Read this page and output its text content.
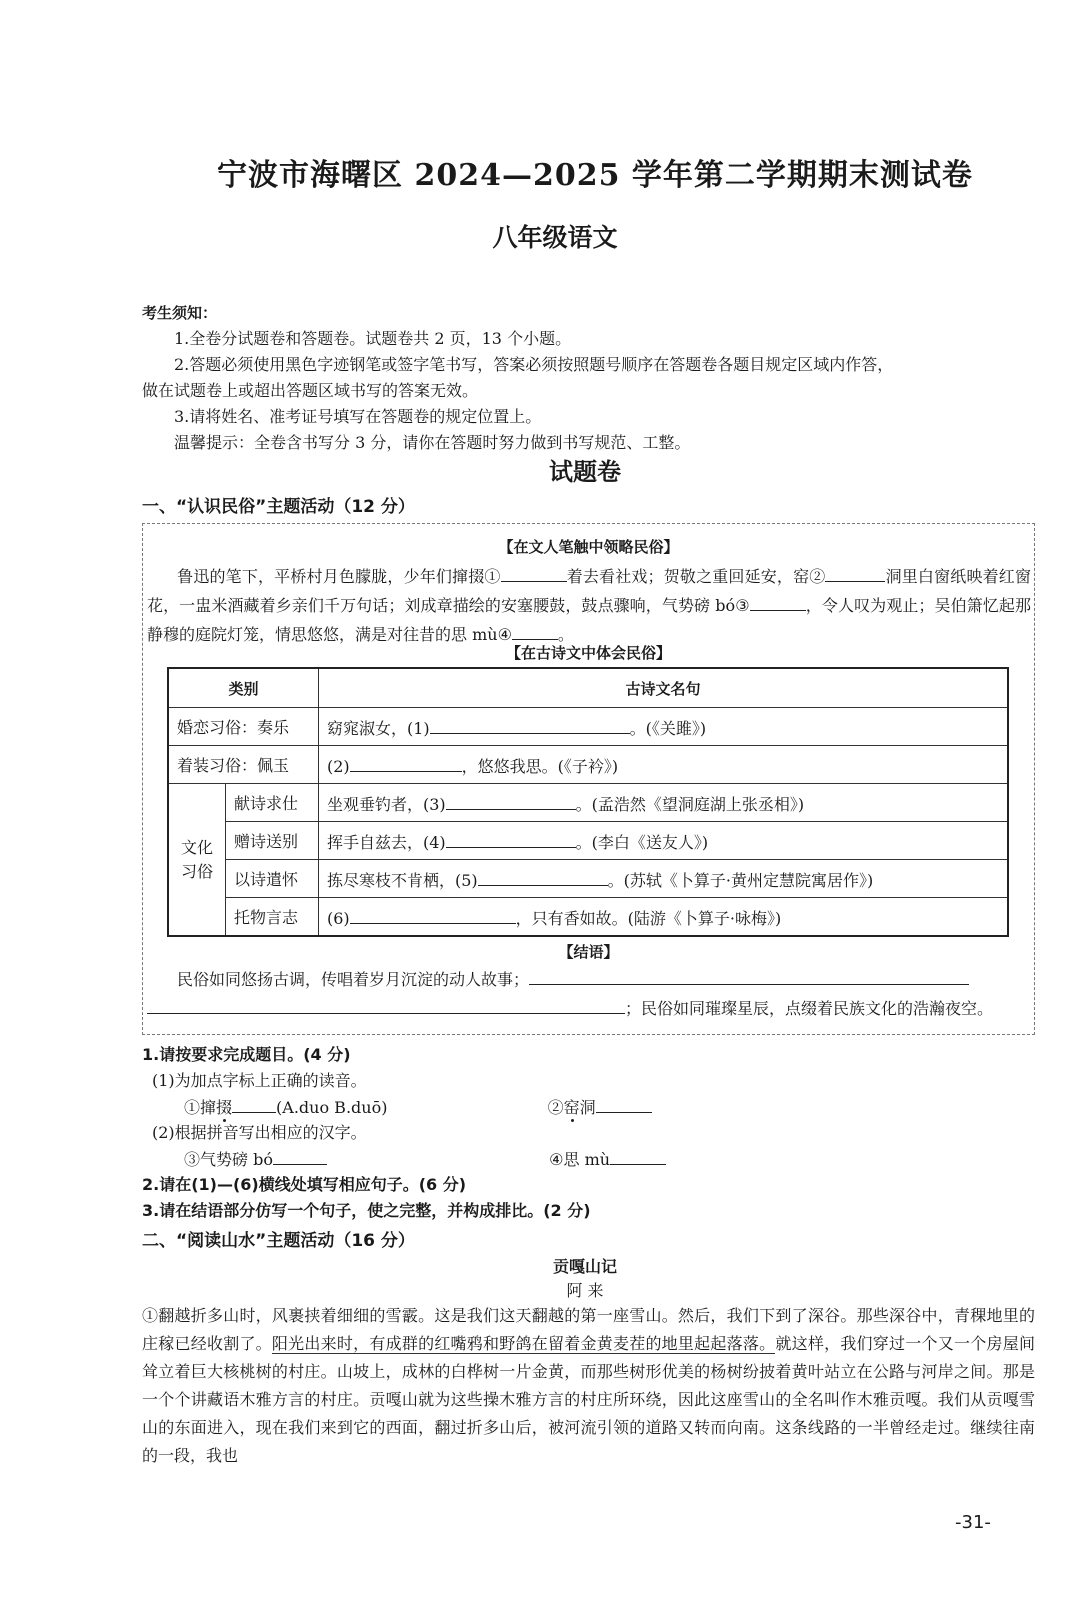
宁波市海曙区 2024—2025 学年第二学期期末测试卷
八年级语文
考生须知：

1.全卷分试题卷和答题卷。试题卷共 2 页，13 个小题。

2.答题必须使用黑色字迹钢笔或签字笔书写，答案必须按照题号顺序在答题卷各题目规定区域内作答，

做在试题卷上或超出答题区域书写的答案无效。

3.请将姓名、准考证号填写在答题卷的规定位置上。

温馨提示：全卷含书写分 3 分，请你在答题时努力做到书写规范、工整。

试题卷
一、“认识民俗”主题活动（12 分）
【在文人笔触中领略民俗】
鲁迅的笔下，平桥村月色朦胧，少年们撺掇①	着去看社戏；贺敬之重回延安，窑②	洞里白窗纸映着红窗花，一盅米酒藏着乡亲们千万句话；刘成章描绘的安塞腰鼓，鼓点骤响，气势磅 bó③	，令人叹为观止；吴伯箫忆起那静穆的庭院灯笼，情思悠悠，满是对往昔的思 mù④	。
【在古诗文中体会民俗】
类别		古诗文名句
婚恋习俗：奏乐		窈窕淑女，(1) 。(《关雎》)
着装习俗：佩玉		(2) ，悠悠我思。(《子衿》)
文化习俗	献诗求仕	坐观垂钓者，(3) 。(孟浩然《望洞庭湖上张丞相》)
	赠诗送别	挥手自兹去，(4) 。(李白《送友人》)
	以诗遣怀	拣尽寒枝不肯栖，(5) 。(苏轼《卜算子·黄州定慧院寓居作》)
	托物言志	(6) ，只有香如故。(陆游《卜算子·咏梅》)
【结语】
民俗如同悠扬古调，传唱着岁月沉淀的动人故事；
；民俗如同璀璨星辰，点缀着民族文化的浩瀚夜空。
1.请按要求完成题目。(4 分)
(1)为加点字标上正确的读音。
①撺掇	(A.duo B.duō)	②窑洞
(2)根据拼音写出相应的汉字。
③气势磅 bó	④思 mù
2.请在(1)—(6)横线处填写相应句子。(6 分)
3.请在结语部分仿写一个句子，使之完整，并构成排比。(2 分)
二、“阅读山水”主题活动（16 分）
贡嘎山记
阿 来
①翻越折多山时，风裹挟着细细的雪霰。这是我们这天翻越的第一座雪山。然后，我们下到了深谷。那些深谷中，青稞地里的庄稼已经收割了。阳光出来时，有成群的红嘴鸦和野鸽在留着金黄麦茬的地里起起落落。就这样，我们穿过一个又一个房屋间耸立着巨大核桃树的村庄。山坡上，成林的白桦树一片金黄，而那些树形优美的杨树纷披着黄叶站立在公路与河岸之间。那是一个个讲藏语木雅方言的村庄。贡嘎山就为这些操木雅方言的村庄所环绕，因此这座雪山的全名叫作木雅贡嘎。我们从贡嘎雪山的东面进入，现在我们来到它的西面，翻过折多山后，被河流引领的道路又转而向南。这条线路的一半曾经走过。继续往南的一段，我也
-31-
